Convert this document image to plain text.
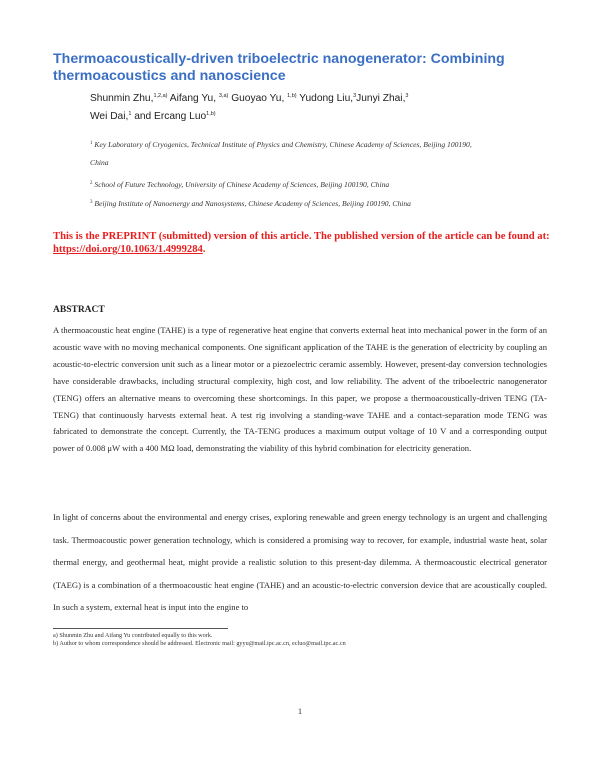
Thermoacoustically-driven triboelectric nanogenerator: Combining thermoacoustics and nanoscience
Shunmin Zhu,$^{1,2,a)}$ Aifang Yu, $^{3,a)}$ Guoyao Yu, $^{1,b)}$ Yudong Liu,$^3$Junyi Zhai,$^3$
Wei Dai,$^1$ and Ercang Luo$^{1,b)}$
$^1$ Key Laboratory of Cryogenics, Technical Institute of Physics and Chemistry, Chinese Academy of Sciences, Beijing 100190,
China
$^2$ School of Future Technology, University of Chinese Academy of Sciences, Beijing 100190, China
$^3$ Beijing Institute of Nanoenergy and Nanosystems, Chinese Academy of Sciences, Beijing 100190, China
This is the PREPRINT (submitted) version of this article. The published version of the article can be found at: https://doi.org/10.1063/1.4999284.
ABSTRACT

A thermoacoustic heat engine (TAHE) is a type of regenerative heat engine that converts external heat into mechanical power in the form of an acoustic wave with no moving mechanical components. One significant application of the TAHE is the generation of electricity by coupling an acoustic-to-electric conversion unit such as a linear motor or a piezoelectric ceramic assembly. However, present-day conversion technologies have considerable drawbacks, including structural complexity, high cost, and low reliability. The advent of the triboelectric nanogenerator (TENG) offers an alternative means to overcoming these shortcomings. In this paper, we propose a thermoacoustically-driven TENG (TA-TENG) that continuously harvests external heat. A test rig involving a standing-wave TAHE and a contact-separation mode TENG was fabricated to demonstrate the concept. Currently, the TA-TENG produces a maximum output voltage of 10 V and a corresponding output power of 0.008 μW with a 400 MΩ load, demonstrating the viability of this hybrid combination for electricity generation.

In light of concerns about the environmental and energy crises, exploring renewable and green energy technology is an urgent and challenging task. Thermoacoustic power generation technology, which is considered a promising way to recover, for example, industrial waste heat, solar thermal energy, and geothermal heat, might provide a realistic solution to this present-day dilemma. A thermoacoustic electrical generator (TAEG) is a combination of a thermoacoustic heat engine (TAHE) and an acoustic-to-electric conversion device that are acoustically coupled. In such a system, external heat is input into the engine to

a) Shunmin Zhu and Aifang Yu contributed equally to this work.
b) Author to whom correspondence should be addressed. Electronic mail: gyyu@mail.ipc.ac.cn, ecluo@mail.ipc.ac.cn
1
